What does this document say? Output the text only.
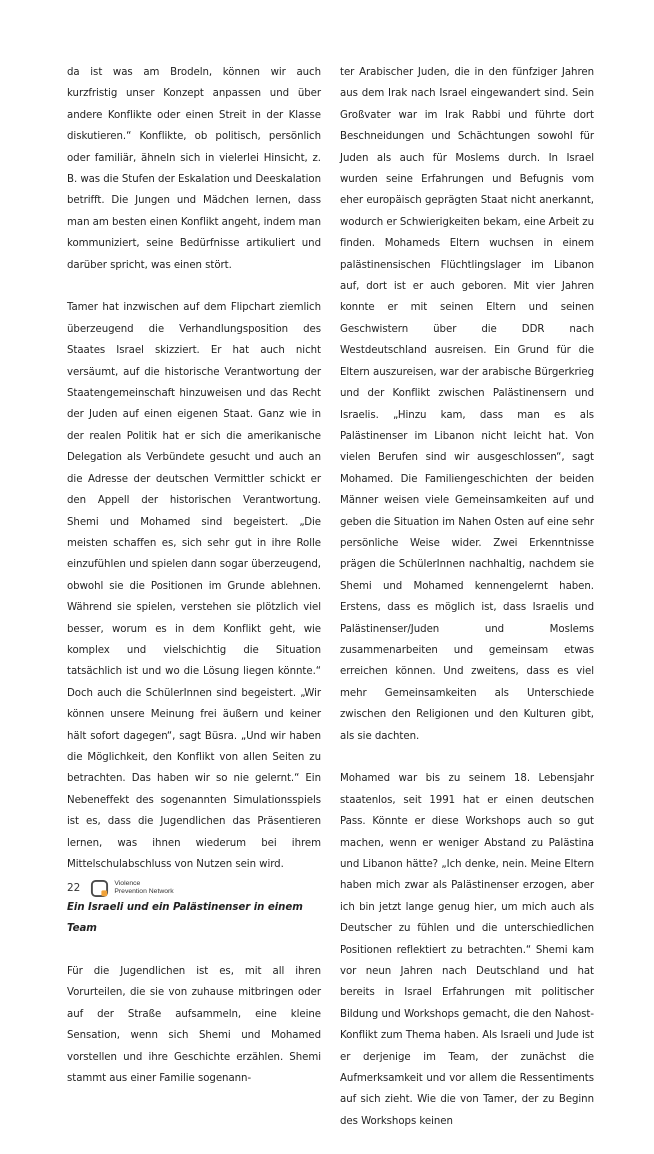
da ist was am Brodeln, können wir auch kurzfristig unser Konzept anpassen und über andere Konflikte oder einen Streit in der Klasse diskutieren.“ Konflikte, ob politisch, persönlich oder familiär, ähneln sich in vielerlei Hinsicht, z. B. was die Stufen der Eskalation und Deeskalation betrifft. Die Jungen und Mädchen lernen, dass man am besten einen Konflikt angeht, indem man kommuniziert, seine Bedürfnisse artikuliert und darüber spricht, was einen stört.

Tamer hat inzwischen auf dem Flipchart ziemlich überzeugend die Verhandlungsposition des Staates Israel skizziert. Er hat auch nicht versäumt, auf die historische Verantwortung der Staatengemeinschaft hinzuweisen und das Recht der Juden auf einen eigenen Staat. Ganz wie in der realen Politik hat er sich die amerikanische Delegation als Verbündete gesucht und auch an die Adresse der deutschen Vermittler schickt er den Appell der historischen Verantwortung. Shemi und Mohamed sind begeistert. „Die meisten schaffen es, sich sehr gut in ihre Rolle einzufühlen und spielen dann sogar überzeugend, obwohl sie die Positionen im Grunde ablehnen. Während sie spielen, verstehen sie plötzlich viel besser, worum es in dem Konflikt geht, wie komplex und vielschichtig die Situation tatsächlich ist und wo die Lösung liegen könnte.“ Doch auch die SchülerInnen sind begeistert. „Wir können unsere Meinung frei äußern und keiner hält sofort dagegen“, sagt Büsra. „Und wir haben die Möglichkeit, den Konflikt von allen Seiten zu betrachten. Das haben wir so nie gelernt.“ Ein Nebeneffekt des sogenannten Simulationsspiels ist es, dass die Jugendlichen das Präsentieren lernen, was ihnen wiederum bei ihrem Mittelschulabschluss von Nutzen sein wird.

Ein Israeli und ein Palästinenser in einem Team

Für die Jugendlichen ist es, mit all ihren Vorurteilen, die sie von zuhause mitbringen oder auf der Straße aufsammeln, eine kleine Sensation, wenn sich Shemi und Mohamed vorstellen und ihre Geschichte erzählen. Shemi stammt aus einer Familie sogenann-

ter Arabischer Juden, die in den fünfziger Jahren aus dem Irak nach Israel eingewandert sind. Sein Großvater war im Irak Rabbi und führte dort Beschneidungen und Schächtungen sowohl für Juden als auch für Moslems durch. In Israel wurden seine Erfahrungen und Befugnis vom eher europäisch geprägten Staat nicht anerkannt, wodurch er Schwierigkeiten bekam, eine Arbeit zu finden. Mohameds Eltern wuchsen in einem palästinensischen Flüchtlingslager im Libanon auf, dort ist er auch geboren. Mit vier Jahren konnte er mit seinen Eltern und seinen Geschwistern über die DDR nach Westdeutschland ausreisen. Ein Grund für die Eltern auszureisen, war der arabische Bürgerkrieg und der Konflikt zwischen Palästinensern und Israelis. „Hinzu kam, dass man es als Palästinenser im Libanon nicht leicht hat. Von vielen Berufen sind wir ausgeschlossen“, sagt Mohamed. Die Familiengeschichten der beiden Männer weisen viele Gemeinsamkeiten auf und geben die Situation im Nahen Osten auf eine sehr persönliche Weise wider. Zwei Erkenntnisse prägen die SchülerInnen nachhaltig, nachdem sie Shemi und Mohamed kennengelernt haben. Erstens, dass es möglich ist, dass Israelis und Palästinenser/Juden und Moslems zusammenarbeiten und gemeinsam etwas erreichen können. Und zweitens, dass es viel mehr Gemeinsamkeiten als Unterschiede zwischen den Religionen und den Kulturen gibt, als sie dachten.

Mohamed war bis zu seinem 18. Lebensjahr staatenlos, seit 1991 hat er einen deutschen Pass. Könnte er diese Workshops auch so gut machen, wenn er weniger Abstand zu Palästina und Libanon hätte? „Ich denke, nein. Meine Eltern haben mich zwar als Palästinenser erzogen, aber ich bin jetzt lange genug hier, um mich auch als Deutscher zu fühlen und die unterschiedlichen Positionen reflektiert zu betrachten.“ Shemi kam vor neun Jahren nach Deutschland und hat bereits in Israel Erfahrungen mit politischer Bildung und Workshops gemacht, die den Nahost-Konflikt zum Thema haben. Als Israeli und Jude ist er derjenige im Team, der zunächst die Aufmerksamkeit und vor allem die Ressentiments auf sich zieht. Wie die von Tamer, der zu Beginn des Workshops keinen

22	Violence
Prevention Network
